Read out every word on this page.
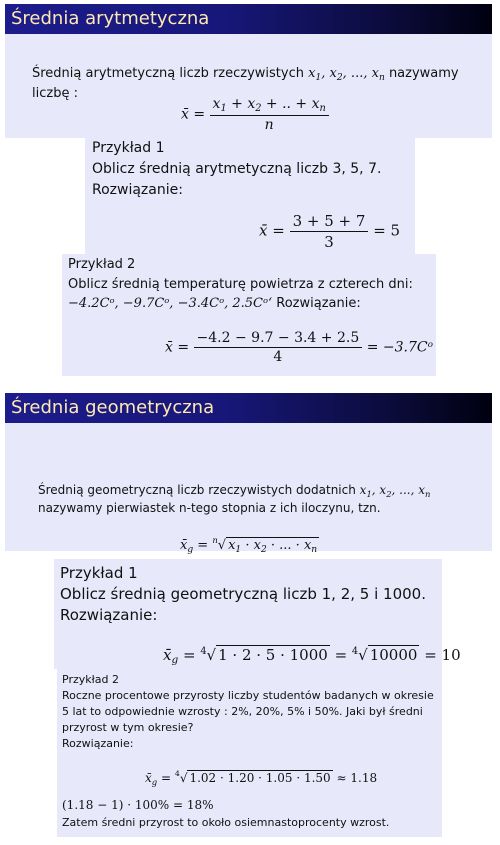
Średnia arytmetyczna
Średnią arytmetyczną liczb rzeczywistych $x_1$, $x_2$, ..., $x_n$ nazywamy
liczbę :
x̄ = $\frac{x_1 + x_2 + .. + x_n}{n}$
Przykład 1
Oblicz średnią arytmetyczną liczb 3, 5, 7.
Rozwiązanie:
x̄ = $\frac{3 + 5 + 7}{3} = 5$
Przykład 2
Oblicz średnią temperaturę powietrza z czterech dni:
−4.2Cᵒ, −9.7Cᵒ, −3.4Cᵒ, 2.5Cᵒ‘ Rozwiązanie:
x̄ = $\frac{-4.2 - 9.7 - 3.4 + 2.5}{4}$ = −3.7Cᵒ
Średnia geometryczna
Średnią geometryczną liczb rzeczywistych dodatnich $x_1$, $x_2$, ..., $x_n$
nazywamy pierwiastek n-tego stopnia z ich iloczynu, tzn.
$x̄_g = ^n√$ $x_1 \cdot x_2$ · ... · $x_n$
Przykład 1
Oblicz średnią geometryczną liczb 1, 2, 5 i 1000.
Rozwiązanie:
$x̄_g = ^4√$ 1 · 2 · 5 · 1000 = $^4$√ 10000 = 10
Przykład 2
Roczne procentowe przyrosty liczby studentów badanych w okresie
5 lat to odpowiednie wzrosty : 2%, 20%, 5% i 50%. Jaki był średni
przyrost w tym okresie?
Rozwiązanie:
$x̄_g = ^4√$ 1.02 · 1.20 · 1.05 · 1.50 ≈ 1.18
(1.18 − 1) · 100% = 18%
Zatem średni przyrost to około osiemnastoprocenty wzrost.
